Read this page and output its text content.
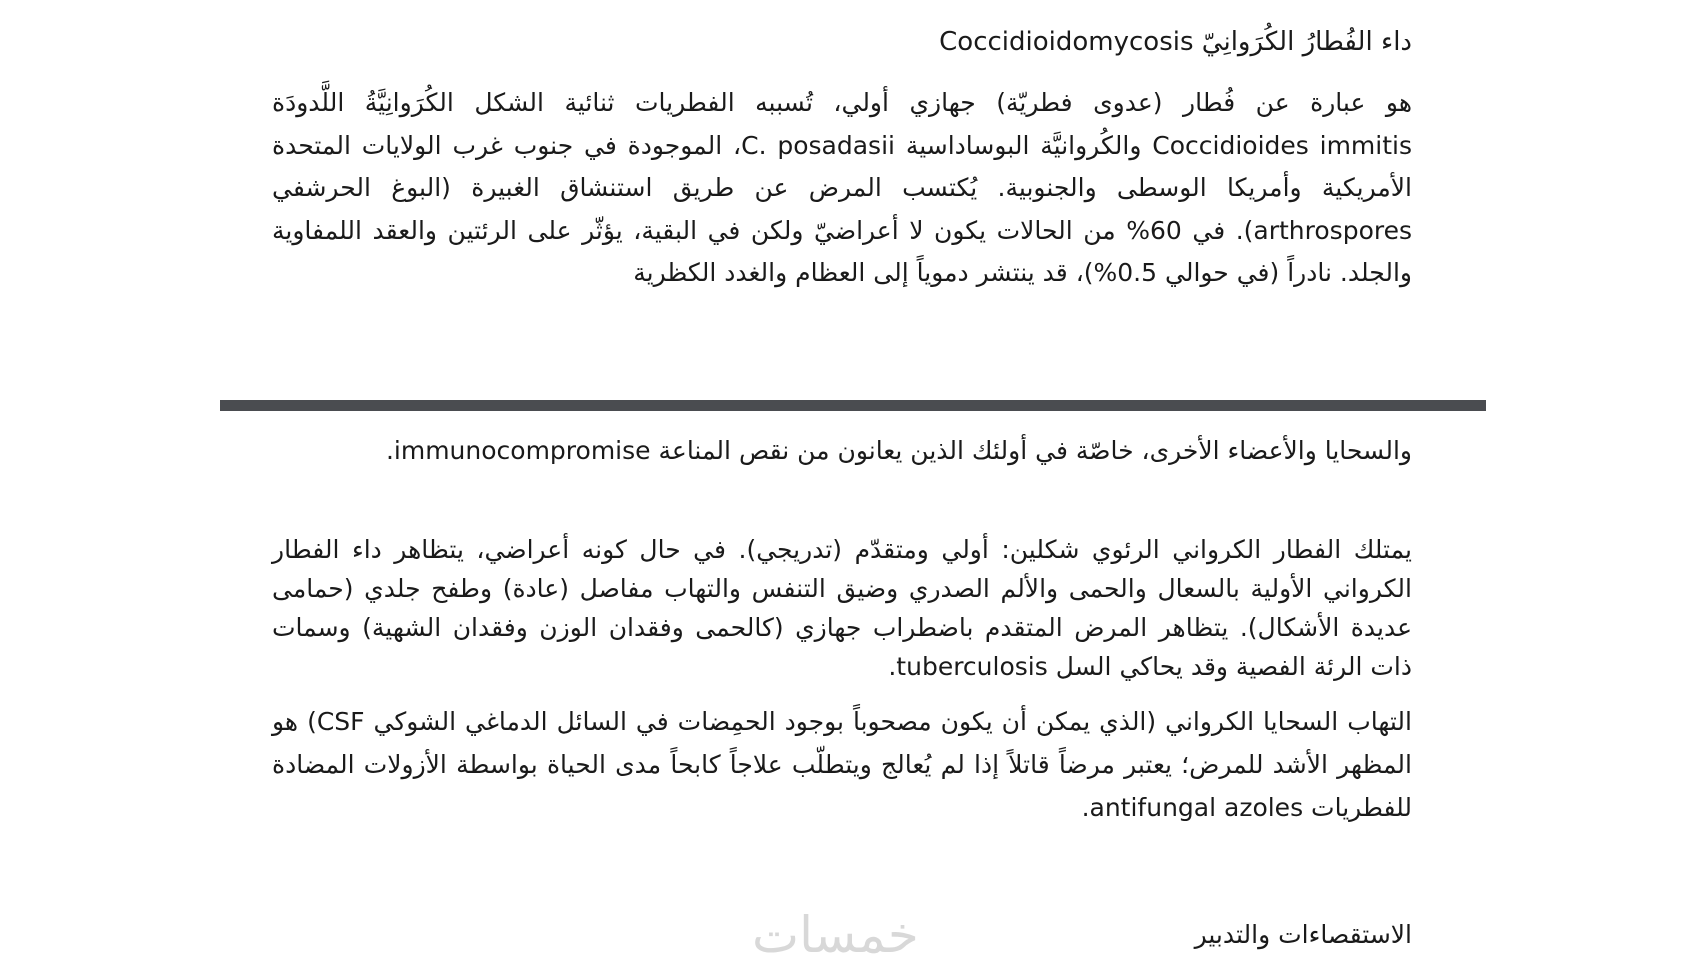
داء الفُطارُ الكُرَوانِيّ Coccidioidomycosis
هو عبارة عن فُطار (عدوى فطريّة) جهازي أولي، تُسببه الفطريات ثنائية الشكل الكُرَوانِيَّةُ اللَّدودَة Coccidioides immitis والكُروانيَّة البوساداسية C. posadasii، الموجودة في جنوب غرب الولايات المتحدة الأمريكية وأمريكا الوسطى والجنوبية. يُكتسب المرض عن طريق استنشاق الغبيرة (البوغ الحرشفي arthrospores). في 60% من الحالات يكون لا أعراضيّ ولكن في البقية، يؤثّر على الرئتين والعقد اللمفاوية والجلد. نادراً (في حوالي 0.5%)، قد ينتشر دموياً إلى العظام والغدد الكظرية
والسحايا والأعضاء الأخرى، خاصّة في أولئك الذين يعانون من نقص المناعة immunocompromise.
يمتلك الفطار الكرواني الرئوي شكلين: أولي ومتقدّم (تدريجي). في حال كونه أعراضي، يتظاهر داء الفطار الكرواني الأولية بالسعال والحمى والألم الصدري وضيق التنفس والتهاب مفاصل (عادة) وطفح جلدي (حمامى عديدة الأشكال). يتظاهر المرض المتقدم باضطراب جهازي (كالحمى وفقدان الوزن وفقدان الشهية) وسمات ذات الرئة الفصية وقد يحاكي السل tuberculosis.
التهاب السحايا الكرواني (الذي يمكن أن يكون مصحوباً بوجود الحمِضات في السائل الدماغي الشوكي CSF) هو المظهر الأشد للمرض؛ يعتبر مرضاً قاتلاً إذا لم يُعالج ويتطلّب علاجاً كابحاً مدى الحياة بواسطة الأزولات المضادة للفطريات antifungal azoles.
الاستقصاءات والتدبير
خمسات
